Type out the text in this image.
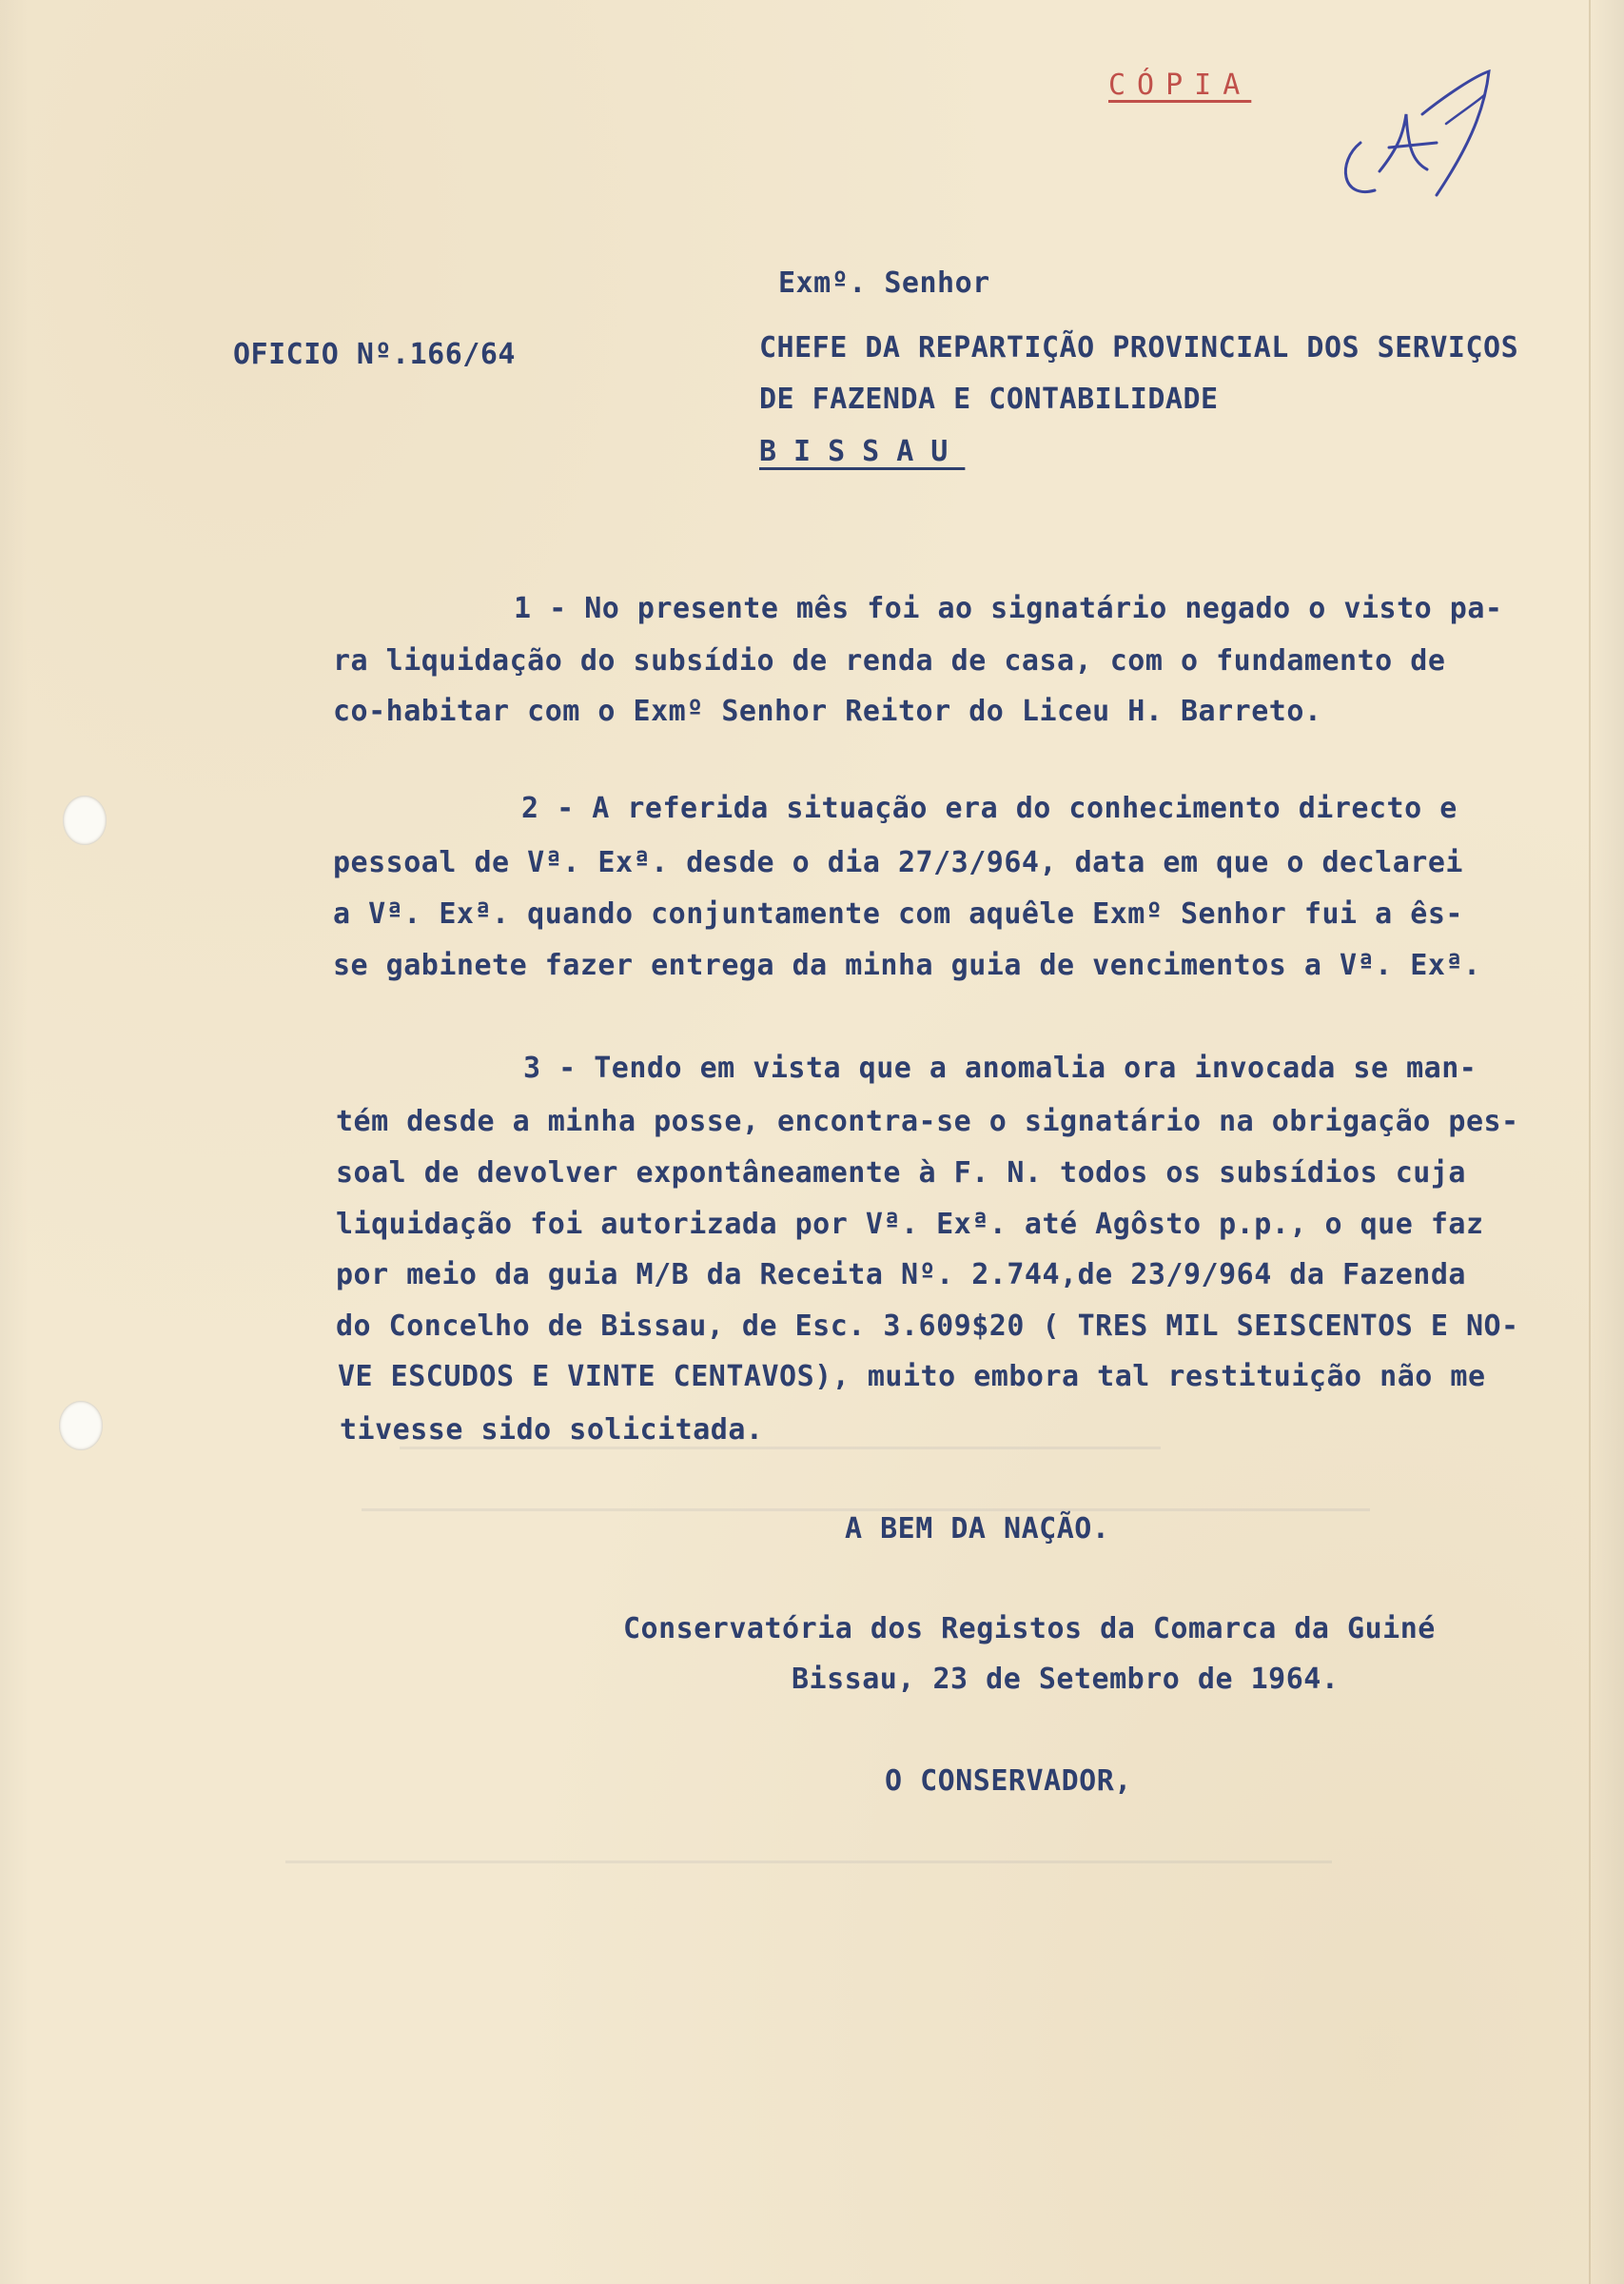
CÓPIA
Exmº. Senhor
OFICIO Nº.166/64	CHEFE DA REPARTIÇÃO PROVINCIAL DOS SERVIÇOS
DE FAZENDA E CONTABILIDADE
BISSAU
1 - No presente mês foi ao signatário negado o visto pa-
ra liquidação do subsídio de renda de casa, com o fundamento de
co-habitar com o Exmº Senhor Reitor do Liceu H. Barreto.
2 - A referida situação era do conhecimento directo e
pessoal de Vª. Exª. desde o dia 27/3/964, data em que o declarei
a Vª. Exª. quando conjuntamente com aquêle Exmº Senhor fui a ês-
se gabinete fazer entrega da minha guia de vencimentos a Vª. Exª.
3 - Tendo em vista que a anomalia ora invocada se man-
tém desde a minha posse, encontra-se o signatário na obrigação pes-
soal de devolver expontâneamente à F. N. todos os subsídios cuja
liquidação foi autorizada por Vª. Exª. até Agôsto p.p., o que faz
por meio da guia M/B da Receita Nº. 2.744,de 23/9/964 da Fazenda
do Concelho de Bissau, de Esc. 3.609$20 ( TRES MIL SEISCENTOS E NO-
VE ESCUDOS E VINTE CENTAVOS), muito embora tal restituição não me
tivesse sido solicitada.
A BEM DA NAÇÃO.
Conservatória dos Registos da Comarca da Guiné
Bissau, 23 de Setembro de 1964.
O CONSERVADOR,
